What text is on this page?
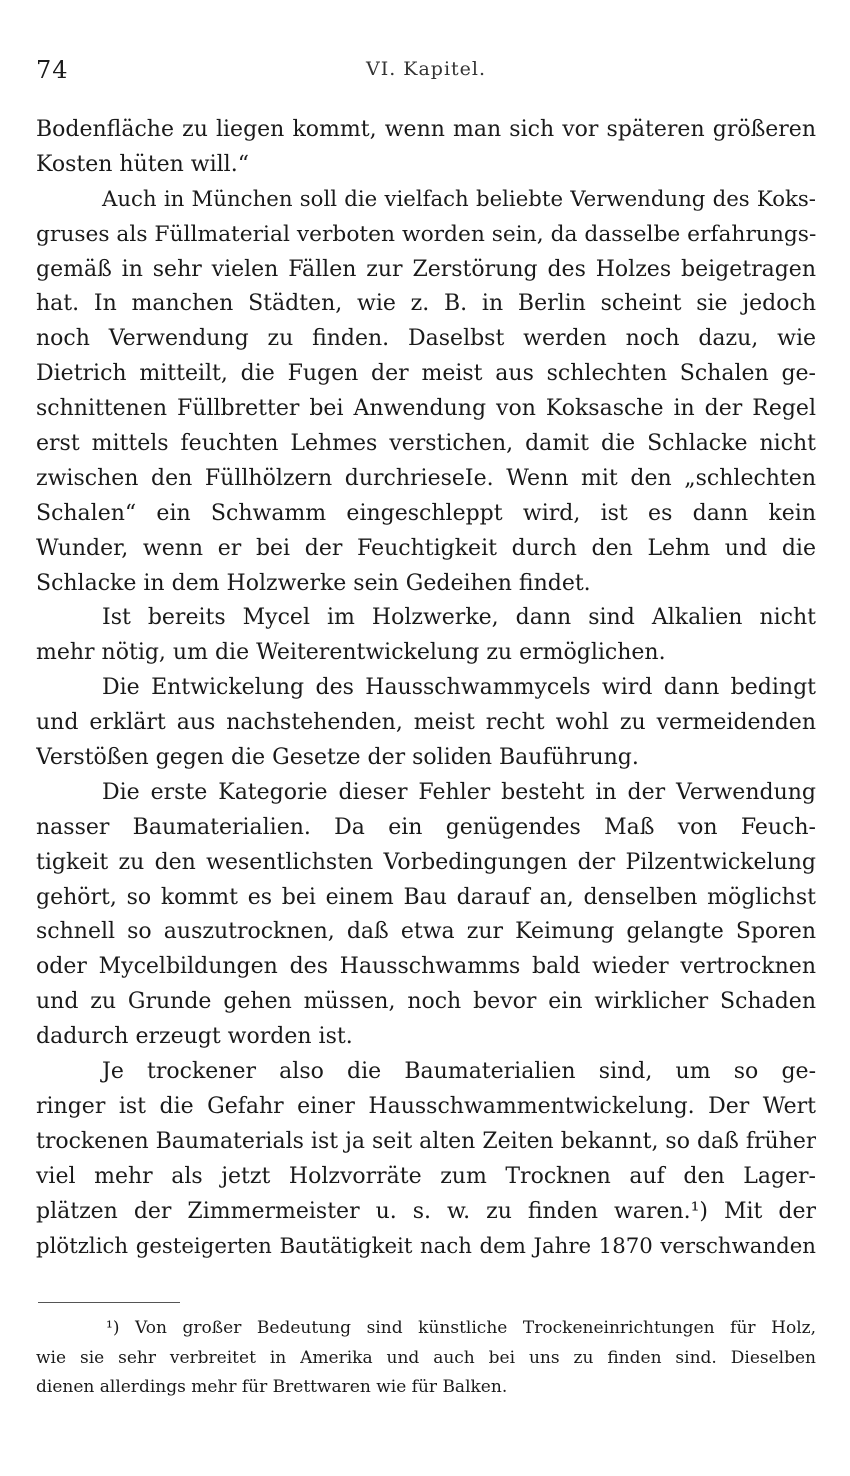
74	VI. Kapitel.
Bodenfläche zu liegen kommt, wenn man sich vor späteren größeren
Kosten hüten will.“
Auch in München soll die vielfach beliebte Verwendung des Koks-
gruses als Füllmaterial verboten worden sein, da dasselbe erfahrungs-
gemäß in sehr vielen Fällen zur Zerstörung des Holzes beigetragen
hat. In manchen Städten, wie z. B. in Berlin scheint sie jedoch
noch Verwendung zu finden. Daselbst werden noch dazu, wie
Dietrich mitteilt, die Fugen der meist aus schlechten Schalen ge-
schnittenen Füllbretter bei Anwendung von Koksasche in der Regel
erst mittels feuchten Lehmes verstichen, damit die Schlacke nicht
zwischen den Füllhölzern durchrieseIe. Wenn mit den „schlechten
Schalen“ ein Schwamm eingeschleppt wird, ist es dann kein
Wunder, wenn er bei der Feuchtigkeit durch den Lehm und die
Schlacke in dem Holzwerke sein Gedeihen findet.
Ist bereits Mycel im Holzwerke, dann sind Alkalien nicht
mehr nötig, um die Weiterentwickelung zu ermöglichen.
Die Entwickelung des Hausschwammycels wird dann bedingt
und erklärt aus nachstehenden, meist recht wohl zu vermeidenden
Verstößen gegen die Gesetze der soliden Bauführung.
Die erste Kategorie dieser Fehler besteht in der Verwendung
nasser Baumaterialien. Da ein genügendes Maß von Feuch-
tigkeit zu den wesentlichsten Vorbedingungen der Pilzentwickelung
gehört, so kommt es bei einem Bau darauf an, denselben möglichst
schnell so auszutrocknen, daß etwa zur Keimung gelangte Sporen
oder Mycelbildungen des Hausschwamms bald wieder vertrocknen
und zu Grunde gehen müssen, noch bevor ein wirklicher Schaden
dadurch erzeugt worden ist.
Je trockener also die Baumaterialien sind, um so ge-
ringer ist die Gefahr einer Hausschwammentwickelung. Der Wert
trockenen Baumaterials ist ja seit alten Zeiten bekannt, so daß früher
viel mehr als jetzt Holzvorräte zum Trocknen auf den Lager-
plätzen der Zimmermeister u. s. w. zu finden waren.¹) Mit der
plötzlich gesteigerten Bautätigkeit nach dem Jahre 1870 verschwanden
¹) Von großer Bedeutung sind künstliche Trockeneinrichtungen für Holz,
wie sie sehr verbreitet in Amerika und auch bei uns zu finden sind. Dieselben
dienen allerdings mehr für Brettwaren wie für Balken.
